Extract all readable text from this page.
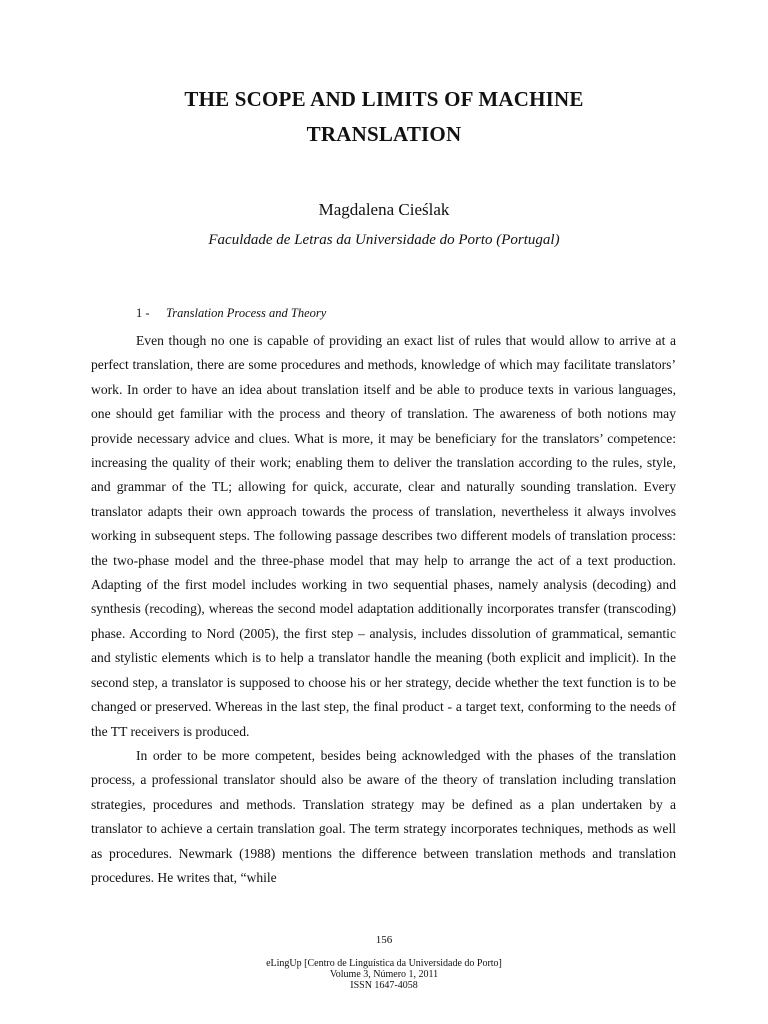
THE SCOPE AND LIMITS OF MACHINE
TRANSLATION
Magdalena Cieślak
Faculdade de Letras da Universidade do Porto (Portugal)
1 - Translation Process and Theory

Even though no one is capable of providing an exact list of rules that would allow to arrive at a perfect translation, there are some procedures and methods, knowledge of which may facilitate translators’ work. In order to have an idea about translation itself and be able to produce texts in various languages, one should get familiar with the process and theory of translation. The awareness of both notions may provide necessary advice and clues. What is more, it may be beneficiary for the translators’ competence: increasing the quality of their work; enabling them to deliver the translation according to the rules, style, and grammar of the TL; allowing for quick, accurate, clear and naturally sounding translation. Every translator adapts their own approach towards the process of translation, nevertheless it always involves working in subsequent steps. The following passage describes two different models of translation process: the two-phase model and the three-phase model that may help to arrange the act of a text production. Adapting of the first model includes working in two sequential phases, namely analysis (decoding) and synthesis (recoding), whereas the second model adaptation additionally incorporates transfer (transcoding) phase. According to Nord (2005), the first step – analysis, includes dissolution of grammatical, semantic and stylistic elements which is to help a translator handle the meaning (both explicit and implicit). In the second step, a translator is supposed to choose his or her strategy, decide whether the text function is to be changed or preserved. Whereas in the last step, the final product - a target text, conforming to the needs of the TT receivers is produced.

In order to be more competent, besides being acknowledged with the phases of the translation process, a professional translator should also be aware of the theory of translation including translation strategies, procedures and methods. Translation strategy may be defined as a plan undertaken by a translator to achieve a certain translation goal. The term strategy incorporates techniques, methods as well as procedures. Newmark (1988) mentions the difference between translation methods and translation procedures. He writes that, “while

156
eLingUp [Centro de Linguística da Universidade do Porto]
Volume 3, Número 1, 2011
ISSN 1647-4058
